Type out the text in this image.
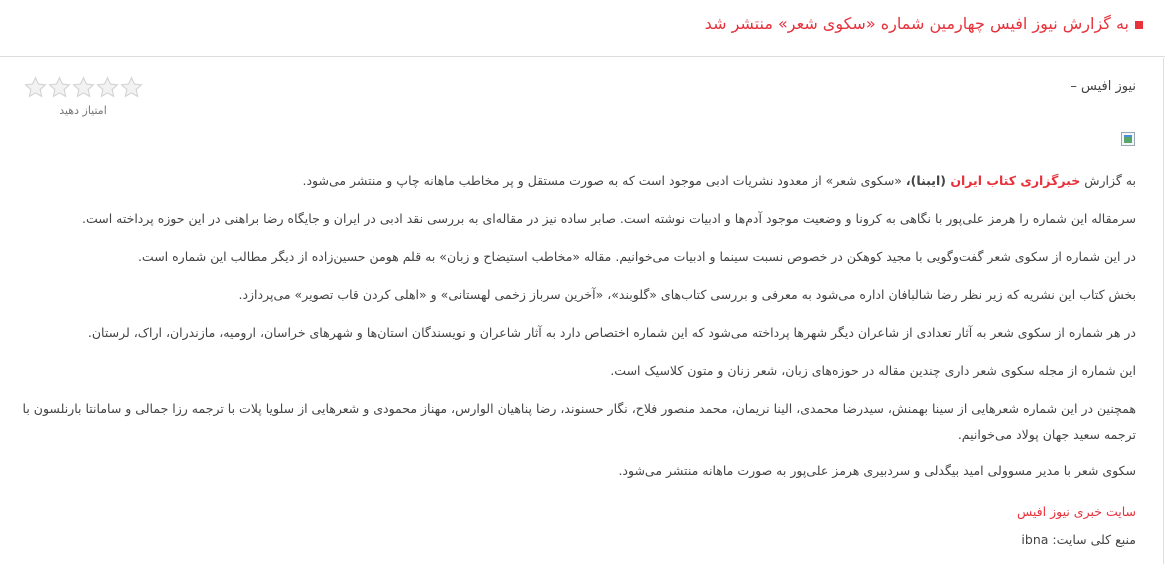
به گزارش نیوز افیس چهارمین شماره «سکوی شعر» منتشر شد
امتیاز دهید
نیوز افیس –

به گزارش خبرگزاری کتاب ایران (ایبنا)، «سکوی شعر» از معدود نشریات ادبی موجود است که به صورت مستقل و پر مخاطب ماهانه چاپ و منتشر می‌شود.

سرمقاله این شماره را هرمز علی‌پور با نگاهی به کرونا و وضعیت موجود آدم‌ها و ادبیات نوشته است. صابر ساده نیز در مقاله‌ای به بررسی نقد ادبی در ایران و جایگاه رضا براهنی در این حوزه پرداخته است.

در این شماره از سکوی شعر گفت‌وگویی با مجید کوهکن در خصوص نسبت سینما و ادبیات می‌خوانیم. مقاله «مخاطب استیضاح و زبان» به قلم هومن حسین‌زاده از دیگر مطالب این شماره است.

بخش کتاب این نشریه که زیر نظر رضا شالبافان اداره می‌شود به معرفی و بررسی کتاب‌های «گلوبند»، «آخرین سرباز زخمی لهستانی» و «اهلی کردن قاب تصویر» می‌پردازد.

در هر شماره از سکوی شعر به آثار تعدادی از شاعران دیگر شهرها پرداخته می‌شود که این شماره اختصاص دارد به آثار شاعران و نویسندگان استان‌ها و شهرهای خراسان، ارومیه، مازندران، اراک، لرستان.

این شماره از مجله سکوی شعر داری چندین مقاله در حوزه‌های زبان، شعر زنان و متون کلاسیک است.

همچنین در این شماره شعرهایی از سینا بهمنش، سیدرضا محمدی، الینا نریمان، محمد منصور فلاح، نگار حسنوند، رضا پناهیان الوارس، مهناز محمودی و شعرهایی از سلویا پلات با ترجمه رزا جمالی و سامانتا بارنلسون با ترجمه سعید جهان پولاد می‌خوانیم.

سکوی شعر با مدیر مسوولی امید بیگدلی و سردبیری هرمز علی‌پور به صورت ماهانه منتشر می‌شود.

سایت خبری نیوز افیس
منبع کلی سایت: ibna
